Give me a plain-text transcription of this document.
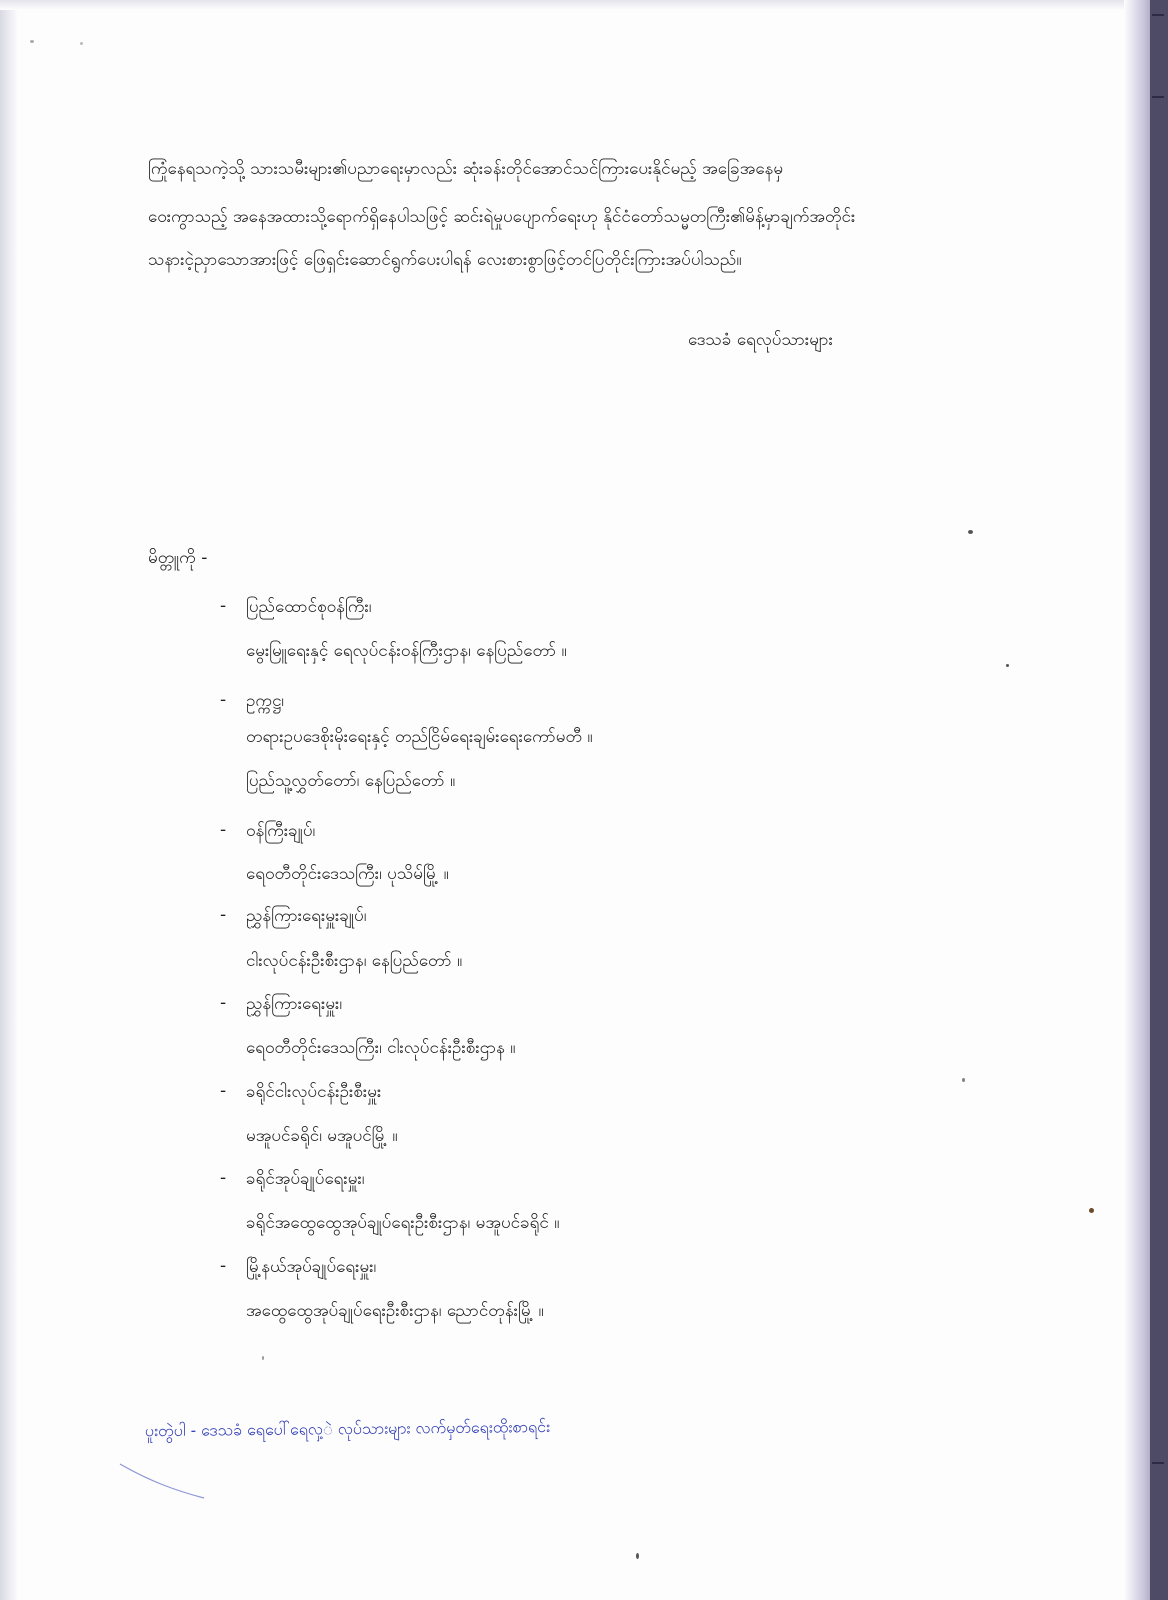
ကြုံနေရသကဲ့သို့ သားသမီးများ၏ပညာရေးမှာလည်း ဆုံးခန်းတိုင်အောင်သင်ကြားပေးနိုင်မည့် အခြေအနေမှ
ဝေးကွာသည့် အနေအထားသို့ရောက်ရှိနေပါသဖြင့် ဆင်းရဲမှုပပျောက်ရေးဟု နိုင်ငံတော်သမ္မတကြီး၏မိန့်မှာချက်အတိုင်း
သနားငဲ့ညှာသောအားဖြင့် ဖြေရှင်းဆောင်ရွက်ပေးပါရန် လေးစားစွာဖြင့်တင်ပြတိုင်းကြားအပ်ပါသည်။
ဒေသခံ ရေလုပ်သားများ
မိတ္တူကို -
-	ပြည်ထောင်စုဝန်ကြီး၊
မွေးမြူရေးနှင့် ရေလုပ်ငန်းဝန်ကြီးဌာန၊ နေပြည်တော် ။
-	ဥက္ကဋ္ဌ၊
တရားဥပဒေစိုးမိုးရေးနှင့် တည်ငြိမ်ရေးချမ်းရေးကော်မတီ ။
ပြည်သူ့လွှတ်တော်၊ နေပြည်တော် ။
-	ဝန်ကြီးချုပ်၊
ရေ၀တီတိုင်းဒေသကြီး၊ ပုသိမ်မြို့ ။
-	ညွှန်ကြားရေးမှူးချုပ်၊
ငါးလုပ်ငန်းဦးစီးဌာန၊ နေပြည်တော် ။
-	ညွှန်ကြားရေးမှူး၊
ရေ၀တီတိုင်းဒေသကြီး၊ ငါးလုပ်ငန်းဦးစီးဌာန ။
-	ခရိုင်ငါးလုပ်ငန်းဦးစီးမှူး
မအူပင်ခရိုင်၊ မအူပင်မြို့ ။
-	ခရိုင်အုပ်ချုပ်ရေးမှူး၊
ခရိုင်အထွေထွေအုပ်ချုပ်ရေးဦးစီးဌာန၊ မအူပင်ခရိုင် ။
-	မြို့နယ်အုပ်ချုပ်ရေးမှူး၊
အထွေထွေအုပ်ချုပ်ရေးဦးစီးဌာန၊ ညောင်တုန်းမြို့ ။
ပူးတွဲပါ - ဒေသခံ ရေပေါ်ရေလှ့ဲ လုပ်သားများ လက်မှတ်ရေးထိုးစာရင်း
